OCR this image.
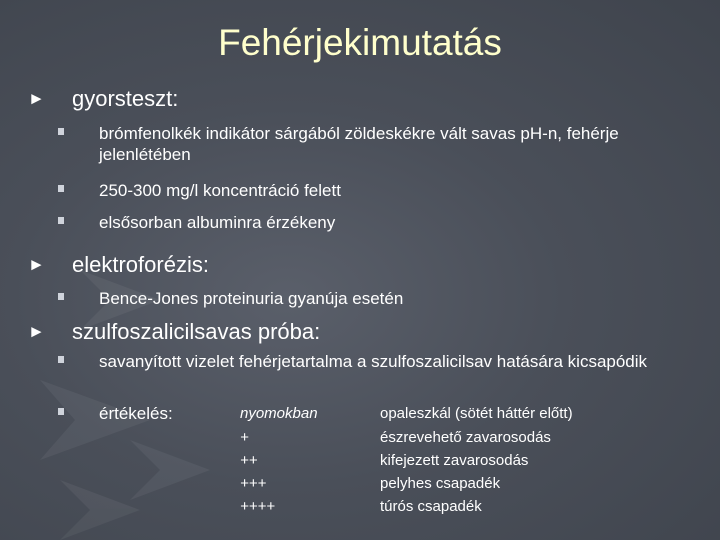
Fehérjekimutatás
► gyorsteszt:
brómfenolkék indikátor sárgából zöldeskékre vált savas pH-n, fehérje jelenlétében
250-300 mg/l koncentráció felett
elsősorban albuminra érzékeny
► elektroforézis:
Bence-Jones proteinuria gyanúja esetén
► szulfoszalicilsavas próba:
savanyított vizelet fehérjetartalma a szulfoszalicilsav hatására kicsapódik
értékelés:	nyomokban
+
++
+++
++++
opaleszkál (sötét háttér előtt)
észrevehető zavarosodás
kifejezett zavarosodás
pelyhes csapadék
túrós csapadék
